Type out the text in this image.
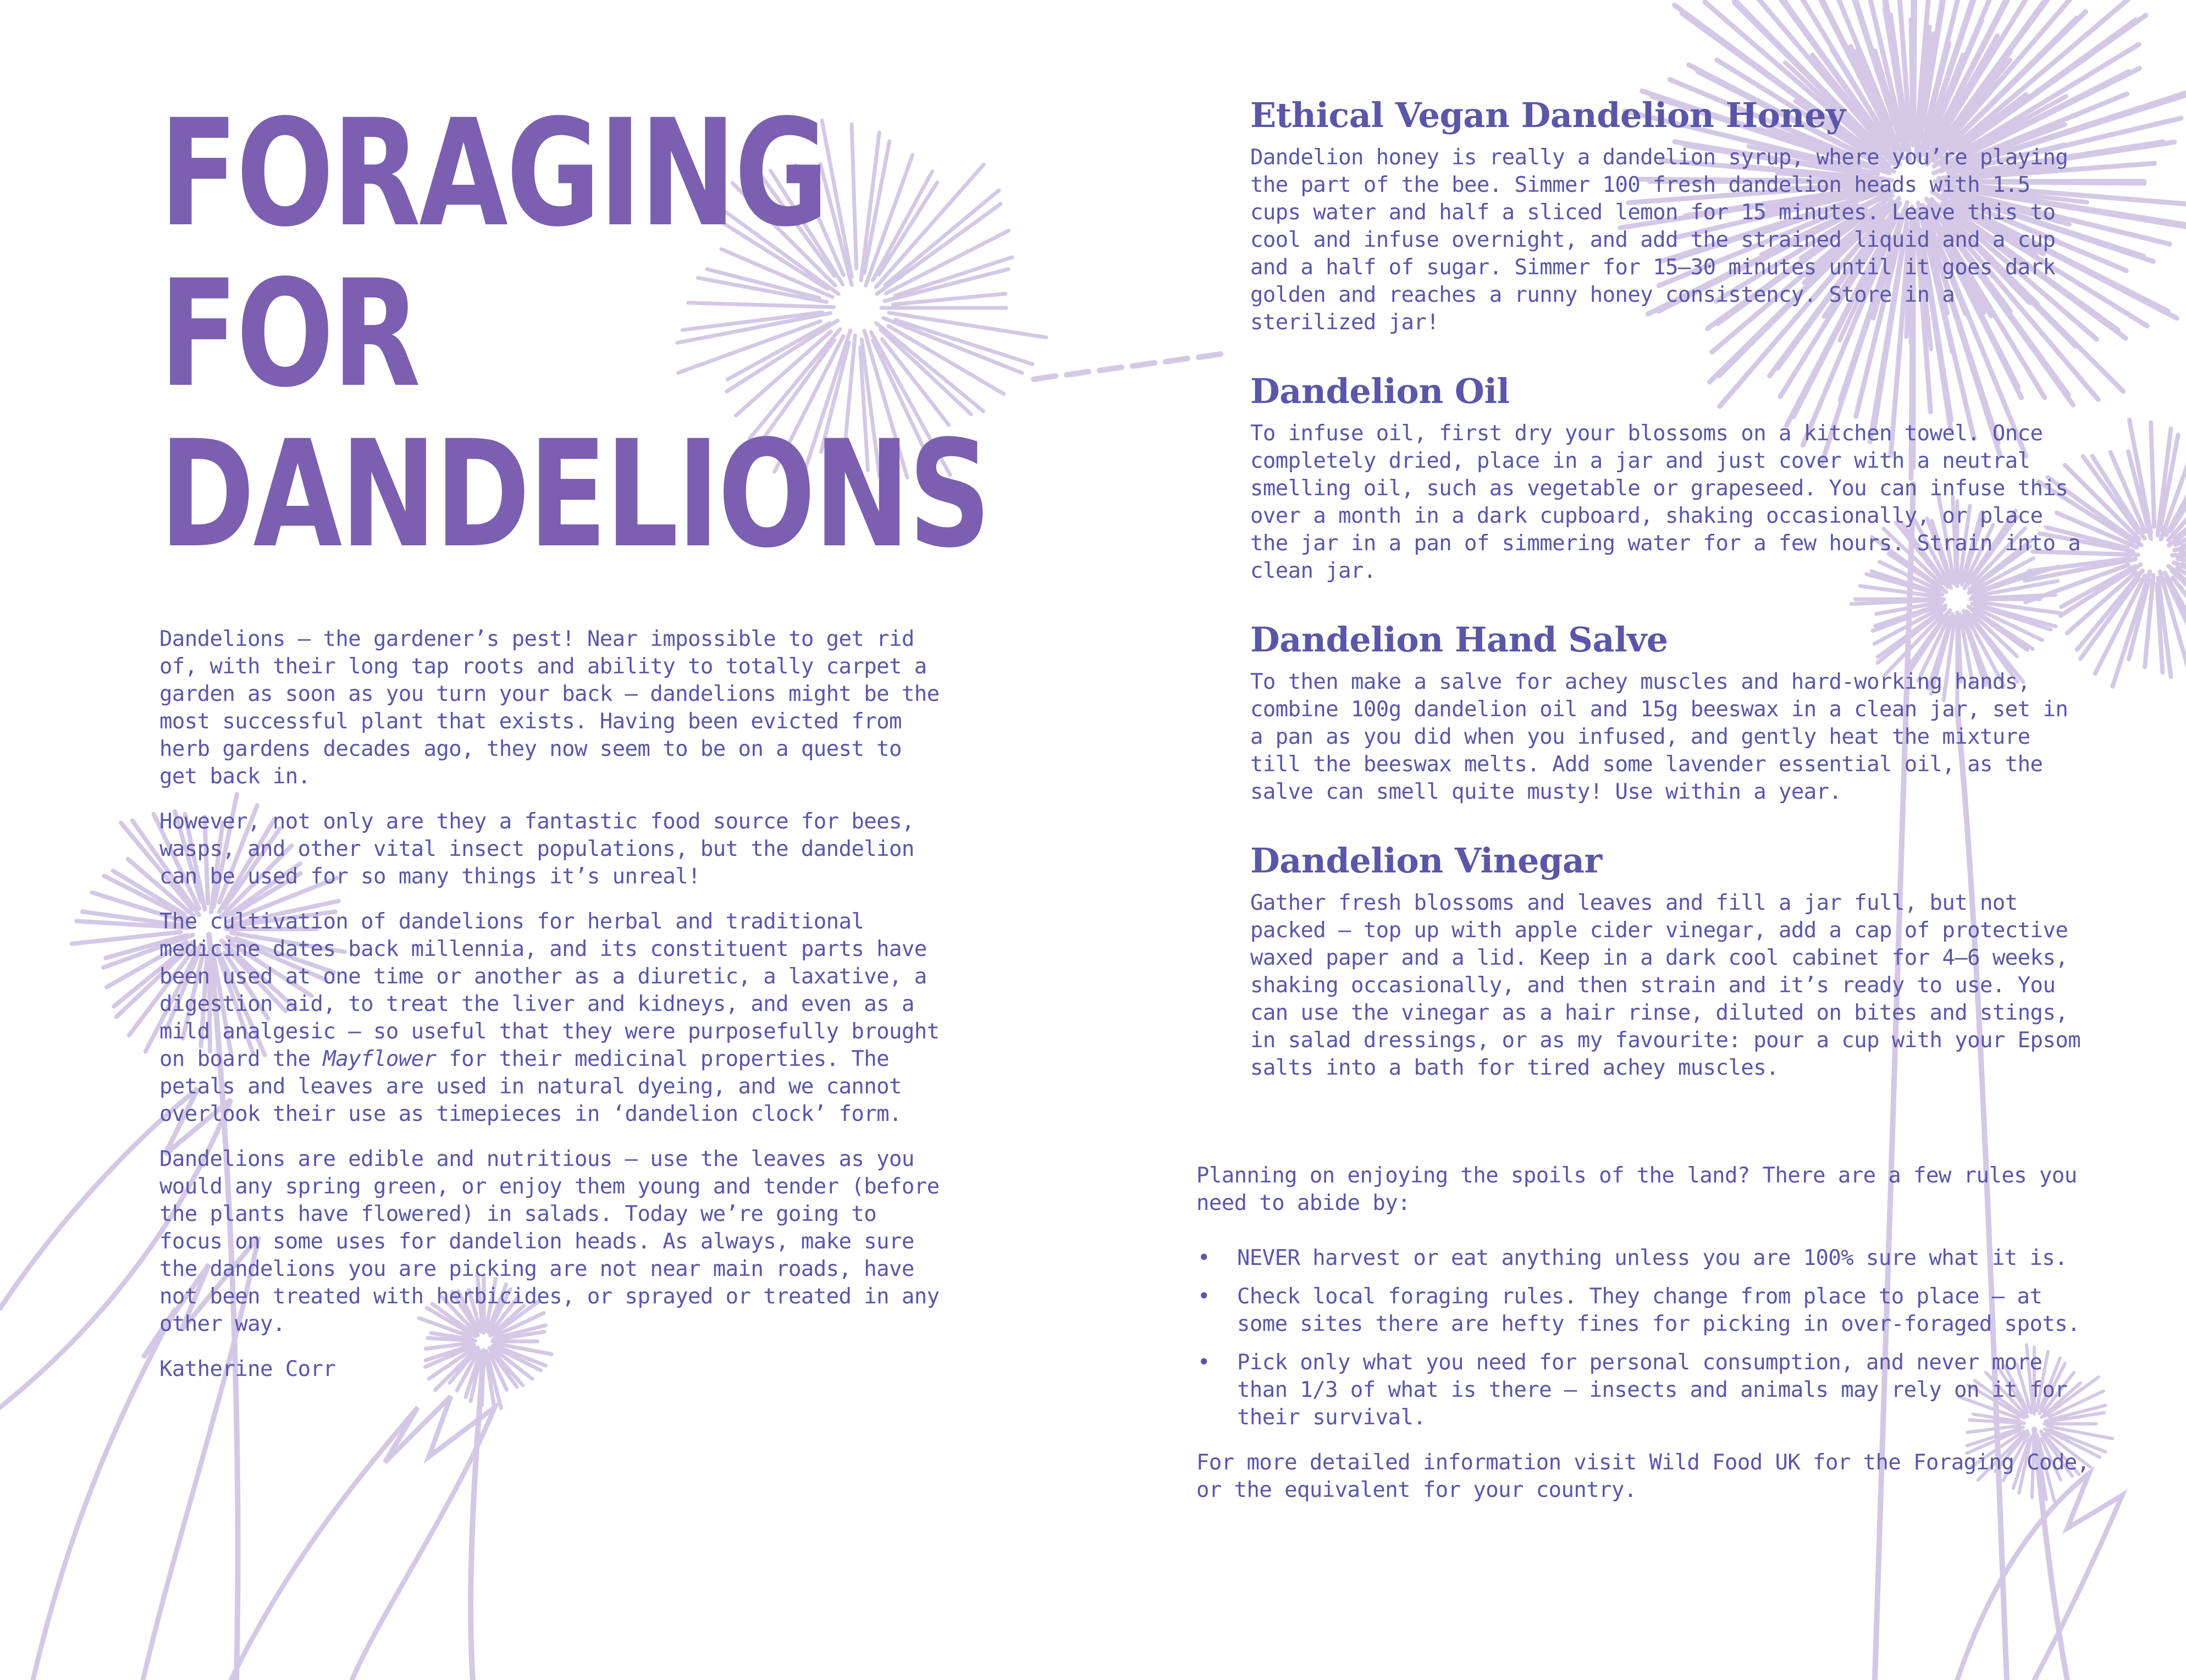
FORAGING
FOR
DANDELIONS

Dandelions – the gardener’s pest! Near impossible to get rid of, with their long tap roots and ability to totally carpet a garden as soon as you turn your back – dandelions might be the most successful plant that exists. Having been evicted from herb gardens decades ago, they now seem to be on a quest to get back in.

However, not only are they a fantastic food source for bees, wasps, and other vital insect populations, but the dandelion can be used for so many things it’s unreal!

The cultivation of dandelions for herbal and traditional medicine dates back millennia, and its constituent parts have been used at one time or another as a diuretic, a laxative, a digestion aid, to treat the liver and kidneys, and even as a mild analgesic – so useful that they were purposefully brought on board the Mayflower for their medicinal properties. The petals and leaves are used in natural dyeing, and we cannot overlook their use as timepieces in ‘dandelion clock’ form.

Dandelions are edible and nutritious – use the leaves as you would any spring green, or enjoy them young and tender (before the plants have flowered) in salads. Today we’re going to focus on some uses for dandelion heads. As always, make sure the dandelions you are picking are not near main roads, have not been treated with herbicides, or sprayed or treated in any other way.

Katherine Corr

Ethical Vegan Dandelion Honey

Dandelion honey is really a dandelion syrup, where you’re playing the part of the bee. Simmer 100 fresh dandelion heads with 1.5 cups water and half a sliced lemon for 15 minutes. Leave this to cool and infuse overnight, and add the strained liquid and a cup and a half of sugar. Simmer for 15–30 minutes until it goes dark golden and reaches a runny honey consistency. Store in a sterilized jar!

Dandelion Oil

To infuse oil, first dry your blossoms on a kitchen towel. Once completely dried, place in a jar and just cover with a neutral smelling oil, such as vegetable or grapeseed. You can infuse this over a month in a dark cupboard, shaking occasionally, or place the jar in a pan of simmering water for a few hours. Strain into a clean jar.

Dandelion Hand Salve

To then make a salve for achey muscles and hard-working hands, combine 100g dandelion oil and 15g beeswax in a clean jar, set in a pan as you did when you infused, and gently heat the mixture till the beeswax melts. Add some lavender essential oil, as the salve can smell quite musty! Use within a year.

Dandelion Vinegar

Gather fresh blossoms and leaves and fill a jar full, but not packed – top up with apple cider vinegar, add a cap of protective waxed paper and a lid. Keep in a dark cool cabinet for 4–6 weeks, shaking occasionally, and then strain and it’s ready to use. You can use the vinegar as a hair rinse, diluted on bites and stings, in salad dressings, or as my favourite: pour a cup with your Epsom salts into a bath for tired achey muscles.

Planning on enjoying the spoils of the land? There are a few rules you need to abide by:

• NEVER harvest or eat anything unless you are 100% sure what it is.
• Check local foraging rules. They change from place to place – at some sites there are hefty fines for picking in over-foraged spots.
• Pick only what you need for personal consumption, and never more than 1/3 of what is there – insects and animals may rely on it for their survival.

For more detailed information visit Wild Food UK for the Foraging Code, or the equivalent for your country.
